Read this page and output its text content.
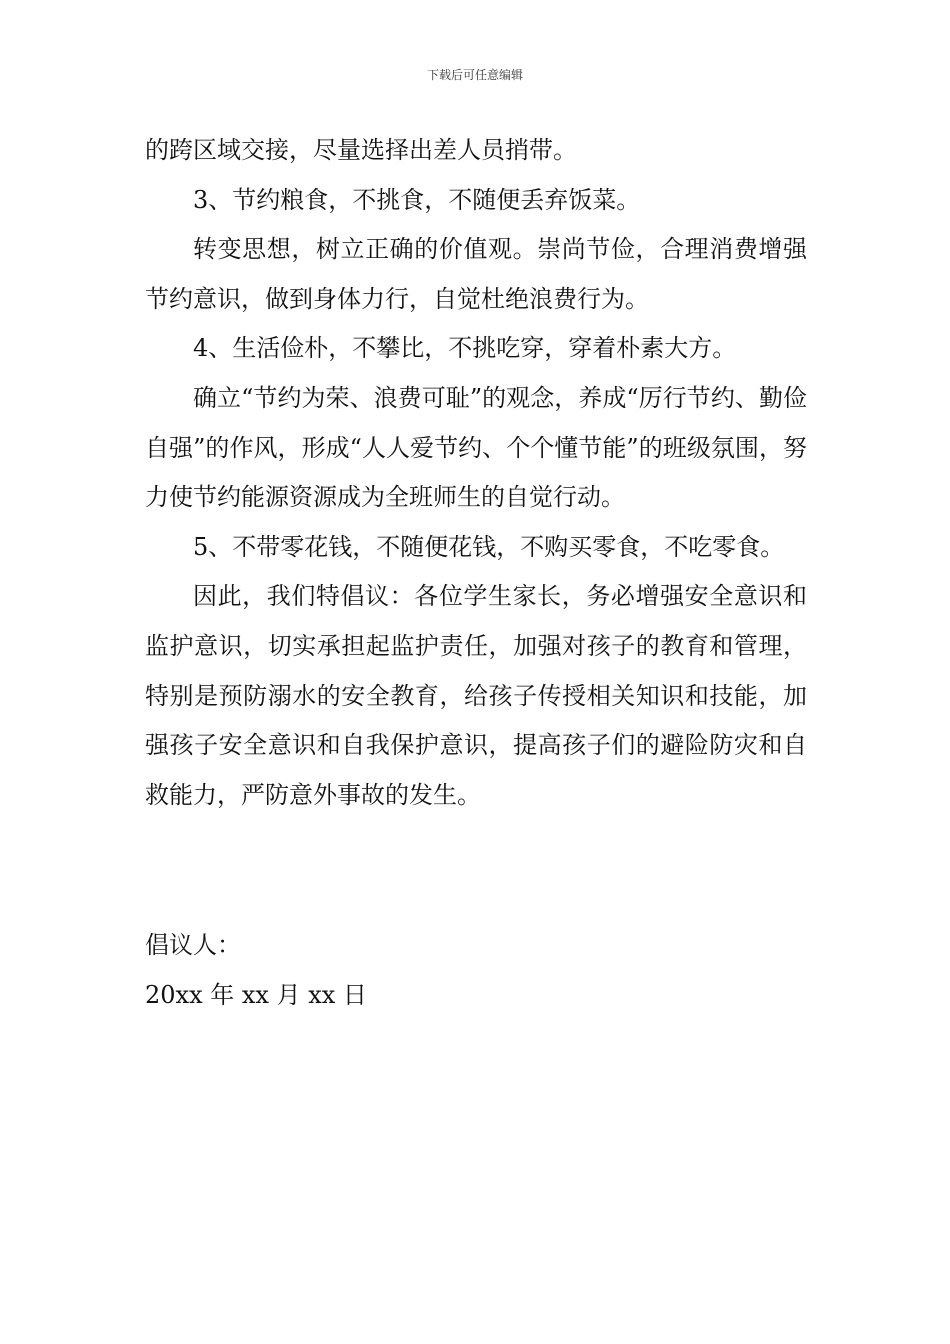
下载后可任意编辑

的跨区域交接，尽量选择出差人员捎带。

3、节约粮食，不挑食，不随便丢弃饭菜。

转变思想，树立正确的价值观。崇尚节俭，合理消费增强节约意识，做到身体力行，自觉杜绝浪费行为。

4、生活俭朴，不攀比，不挑吃穿，穿着朴素大方。

确立“节约为荣、浪费可耻”的观念，养成“厉行节约、勤俭自强”的作风，形成“人人爱节约、个个懂节能”的班级氛围，努力使节约能源资源成为全班师生的自觉行动。

5、不带零花钱，不随便花钱，不购买零食，不吃零食。

因此，我们特倡议：各位学生家长，务必增强安全意识和监护意识，切实承担起监护责任，加强对孩子的教育和管理，特别是预防溺水的安全教育，给孩子传授相关知识和技能，加强孩子安全意识和自我保护意识，提高孩子们的避险防灾和自救能力，严防意外事故的发生。

倡议人：

20xx 年 xx 月 xx 日
